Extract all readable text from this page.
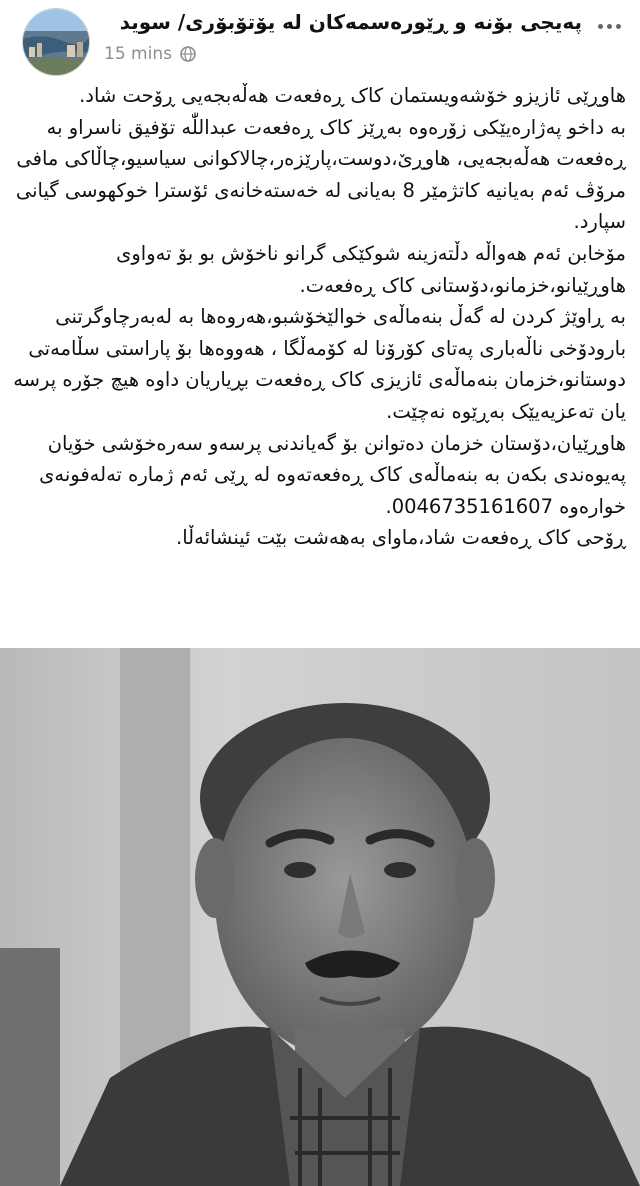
پەیجی بۆنە و ڕێورەسمەکان لە یۆتۆبۆری/ سوید
15 mins

هاوڕێی ئازیزو خۆشەویستمان کاک ڕەفعەت هەڵەبجەیی ڕۆحت شاد.

بە داخو پەژارەیێکی زۆرەوە بەڕێز کاک ڕەفعەت عبداللّٰە تۆفیق ناسراو بە ڕەفعەت هەڵەبجەیی، هاوڕێ،دوست،پارێزەر،چالاکوانی سیاسیو،چاڵاکی مافی مرۆڤ ئەم بەیانیە کاتژمێر 8 بەیانی لە خەستەخانەی ئۆسترا خوکھوسی گیانی سپارد.

مۆخابن ئەم هەواڵە دڵتەزینە شوکێکی گرانو ناخۆش بو بۆ تەواوی هاوڕێیانو،خزمانو،دۆستانی کاک ڕەفعەت.

بە ڕاوێژ کردن لە گەڵ بنەماڵەی خوالێخۆشبو،هەروەها بە لەبەرچاوگرتنی بارودۆخی ناڵەباری پەتای کۆرۆنا لە کۆمەڵگا ، هەووەها بۆ پاراستی سڵامەتی دوستانو،خزمان بنەماڵەی ئازیزی کاک ڕەفعەت بڕیاریان داوە هیچ جۆرە پرسە یان تەعزیەیێک بەڕێوە نەچێت.

هاوڕێیان،دۆستان خزمان دەتوانن بۆ گەیاندنی پرسەو سەرەخۆشی خۆیان پەیوەندی بکەن بە بنەماڵەی کاک ڕەفعەتەوە لە ڕێی ئەم ژمارە تەلەفونەی خوارەوە 0046735161607.

ڕۆحی کاک ڕەفعەت شاد،ماوای بەهەشت بێت ئینشائەڵا.
